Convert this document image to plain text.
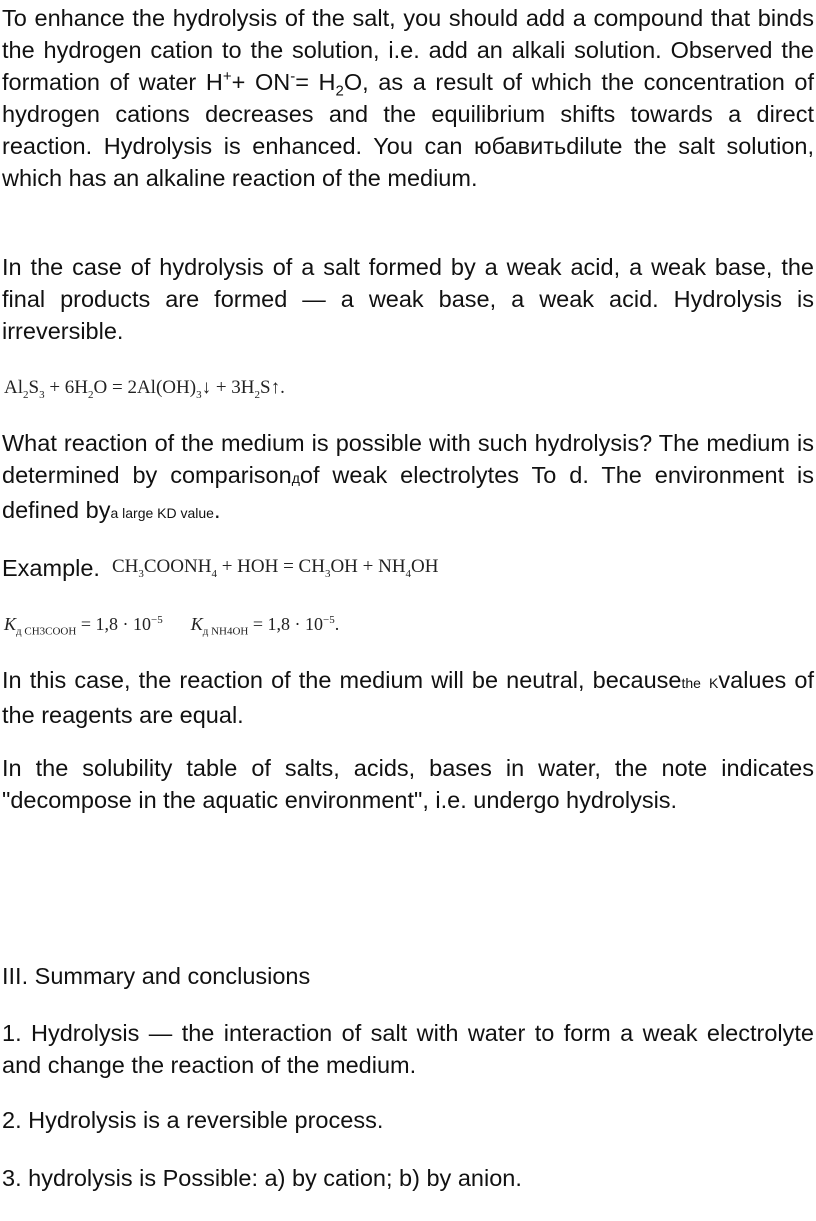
To enhance the hydrolysis of the salt, you should add a compound that binds the hydrogen cation to the solution, i.e. add an alkali solution. Observed the formation of water $H^++ ON^-= H_2O$, as a result of which the concentration of hydrogen cations decreases and the equilibrium shifts towards a direct reaction. Hydrolysis is enhanced. You can юбавитьdilute the salt solution, which has an alkaline reaction of the medium.

In the case of hydrolysis of a salt formed by a weak acid, a weak base, the final products are formed — a weak base, a weak acid. Hydrolysis is irreversible.

$Al_2S_3 + 6H_2O$ = $2Al(OH)_3↓$ + $3H_2S↑$.

What reaction of the medium is possible with such hydrolysis? The medium is determined by comparisonдof weak electrolytes To d. The environment is defined bya large KD value.

Example. $CH_3COONH_4$ + HOH = $CH_3OH + NH_4OH$

$K_{д CH3COOH} = 1,8 \cdot 10^{-5}$ $K_{д NH4OH} = 1,8 \cdot 10^{-5}$.

In this case, the reaction of the medium will be neutral, becausethe Kvalues of the reagents are equal.

In the solubility table of salts, acids, bases in water, the note indicates "decompose in the aquatic environment", i.e. undergo hydrolysis.

III. Summary and conclusions

1. Hydrolysis — the interaction of salt with water to form a weak electrolyte and change the reaction of the medium.

2. Hydrolysis is a reversible process.

3. hydrolysis is Possible: a) by cation; b) by anion.
